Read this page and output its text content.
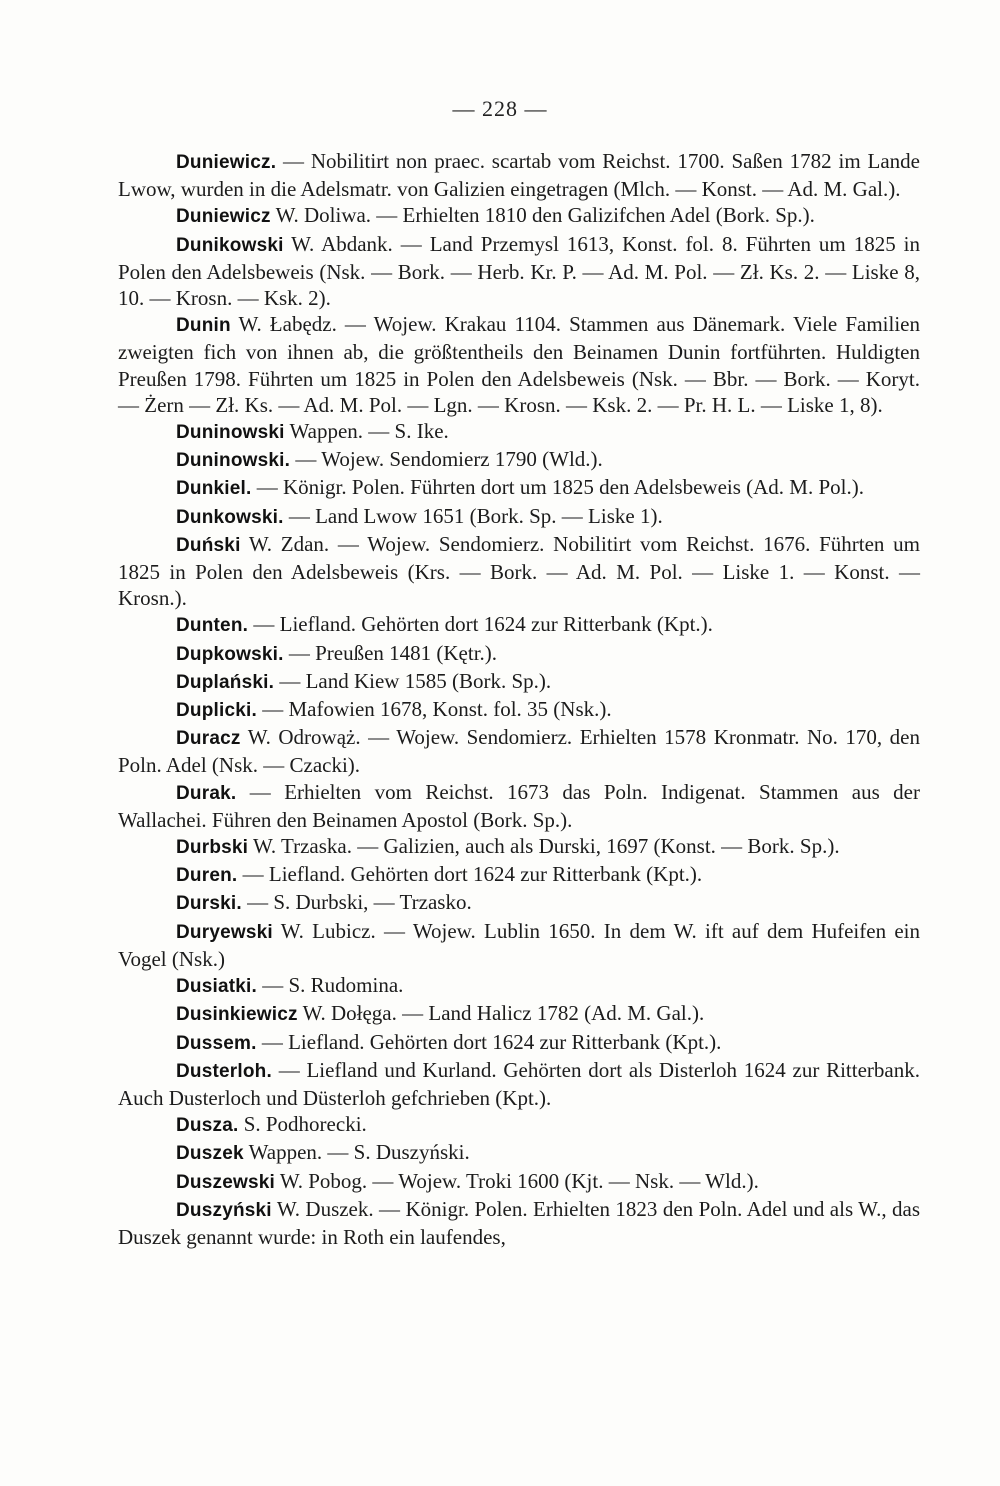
— 228 —

Duniewicz. — Nobilitirt non praec. scartab vom Reichst. 1700. Saßen 1782 im Lande Lwow, wurden in die Adelsmatr. von Galizien eingetragen (Mlch. — Konst. — Ad. M. Gal.).

Duniewicz W. Doliwa. — Erhielten 1810 den Galizifchen Adel (Bork. Sp.).

Dunikowski W. Abdank. — Land Przemysl 1613, Konst. fol. 8. Führten um 1825 in Polen den Adelsbeweis (Nsk. — Bork. — Herb. Kr. P. — Ad. M. Pol. — Zł. Ks. 2. — Liske 8, 10. — Krosn. — Ksk. 2).

Dunin W. Łabędz. — Wojew. Krakau 1104. Stammen aus Dänemark. Viele Familien zweigten fich von ihnen ab, die größtentheils den Beinamen Dunin fortführten. Huldigten Preußen 1798. Führten um 1825 in Polen den Adelsbeweis (Nsk. — Bbr. — Bork. — Koryt. — Żern — Zł. Ks. — Ad. M. Pol. — Lgn. — Krosn. — Ksk. 2. — Pr. H. L. — Liske 1, 8).

Duninowski Wappen. — S. Ike.

Duninowski. — Wojew. Sendomierz 1790 (Wld.).

Dunkiel. — Königr. Polen. Führten dort um 1825 den Adelsbeweis (Ad. M. Pol.).

Dunkowski. — Land Lwow 1651 (Bork. Sp. — Liske 1).

Duński W. Zdan. — Wojew. Sendomierz. Nobilitirt vom Reichst. 1676. Führten um 1825 in Polen den Adelsbeweis (Krs. — Bork. — Ad. M. Pol. — Liske 1. — Konst. — Krosn.).

Dunten. — Liefland. Gehörten dort 1624 zur Ritterbank (Kpt.).

Dupkowski. — Preußen 1481 (Kętr.).

Duplański. — Land Kiew 1585 (Bork. Sp.).

Duplicki. — Mafowien 1678, Konst. fol. 35 (Nsk.).

Duracz W. Odrowąż. — Wojew. Sendomierz. Erhielten 1578 Kronmatr. No. 170, den Poln. Adel (Nsk. — Czacki).

Durak. — Erhielten vom Reichst. 1673 das Poln. Indigenat. Stammen aus der Wallachei. Führen den Beinamen Apostol (Bork. Sp.).

Durbski W. Trzaska. — Galizien, auch als Durski, 1697 (Konst. — Bork. Sp.).

Duren. — Liefland. Gehörten dort 1624 zur Ritterbank (Kpt.).

Durski. — S. Durbski, — Trzasko.

Duryewski W. Lubicz. — Wojew. Lublin 1650. In dem W. ift auf dem Hufeifen ein Vogel (Nsk.)

Dusiatki. — S. Rudomina.

Dusinkiewicz W. Dołęga. — Land Halicz 1782 (Ad. M. Gal.).

Dussem. — Liefland. Gehörten dort 1624 zur Ritterbank (Kpt.).

Dusterloh. — Liefland und Kurland. Gehörten dort als Disterloh 1624 zur Ritterbank. Auch Dusterloch und Düsterloh gefchrieben (Kpt.).

Dusza. S. Podhorecki.

Duszek Wappen. — S. Duszyński.

Duszewski W. Pobog. — Wojew. Troki 1600 (Kjt. — Nsk. — Wld.).

Duszyński W. Duszek. — Königr. Polen. Erhielten 1823 den Poln. Adel und als W., das Duszek genannt wurde: in Roth ein laufendes,
